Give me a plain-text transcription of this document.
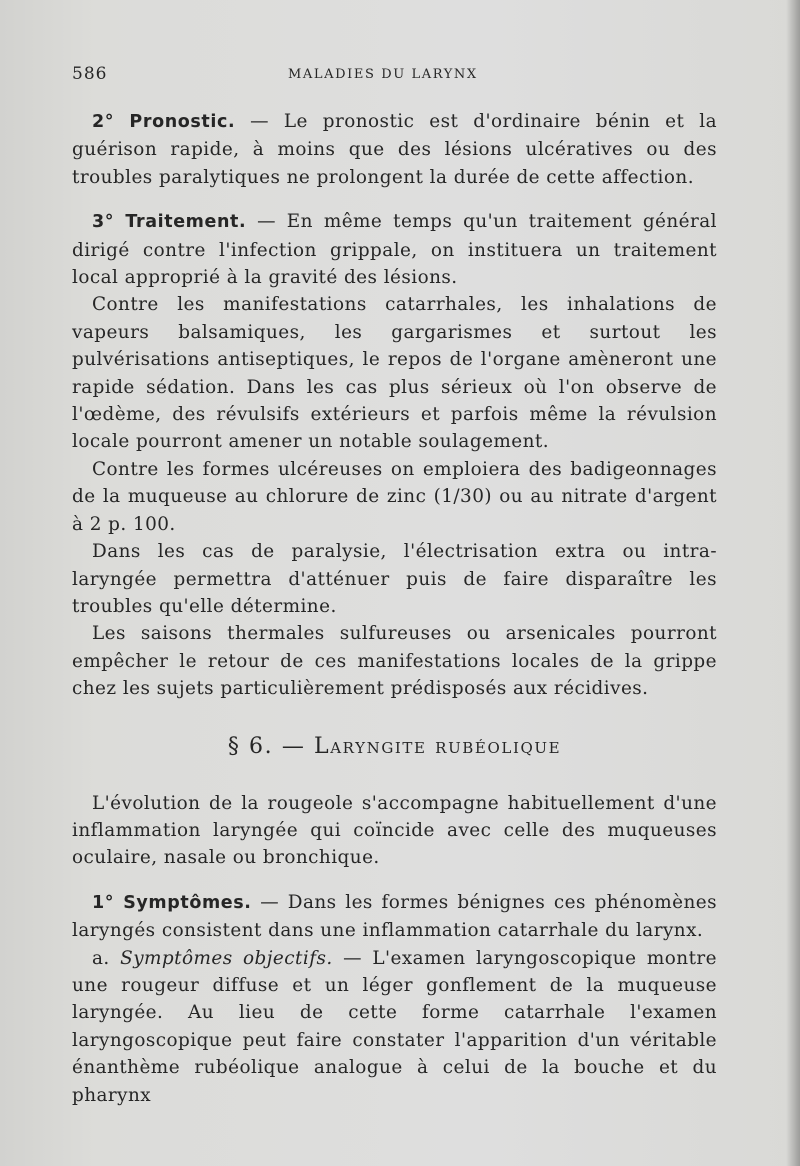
586	MALADIES DU LARYNX

2° Pronostic. — Le pronostic est d'ordinaire bénin et la guérison rapide, à moins que des lésions ulcératives ou des troubles paralytiques ne prolongent la durée de cette affection.

3° Traitement. — En même temps qu'un traitement général dirigé contre l'infection grippale, on instituera un traitement local approprié à la gravité des lésions.

Contre les manifestations catarrhales, les inhalations de vapeurs balsamiques, les gargarismes et surtout les pulvérisations antiseptiques, le repos de l'organe amèneront une rapide sédation. Dans les cas plus sérieux où l'on observe de l'œdème, des révulsifs extérieurs et parfois même la révulsion locale pourront amener un notable soulagement.

Contre les formes ulcéreuses on emploiera des badigeonnages de la muqueuse au chlorure de zinc (1/30) ou au nitrate d'argent à 2 p. 100.

Dans les cas de paralysie, l'électrisation extra ou intra-laryngée permettra d'atténuer puis de faire disparaître les troubles qu'elle détermine.

Les saisons thermales sulfureuses ou arsenicales pourront empêcher le retour de ces manifestations locales de la grippe chez les sujets particulièrement prédisposés aux récidives.

§ 6. — Laryngite rubéolique

L'évolution de la rougeole s'accompagne habituellement d'une inflammation laryngée qui coïncide avec celle des muqueuses oculaire, nasale ou bronchique.

1° Symptômes. — Dans les formes bénignes ces phénomènes laryngés consistent dans une inflammation catarrhale du larynx.

a. Symptômes objectifs. — L'examen laryngoscopique montre une rougeur diffuse et un léger gonflement de la muqueuse laryngée. Au lieu de cette forme catarrhale l'examen laryngoscopique peut faire constater l'apparition d'un véritable énanthème rubéolique analogue à celui de la bouche et du pharynx
